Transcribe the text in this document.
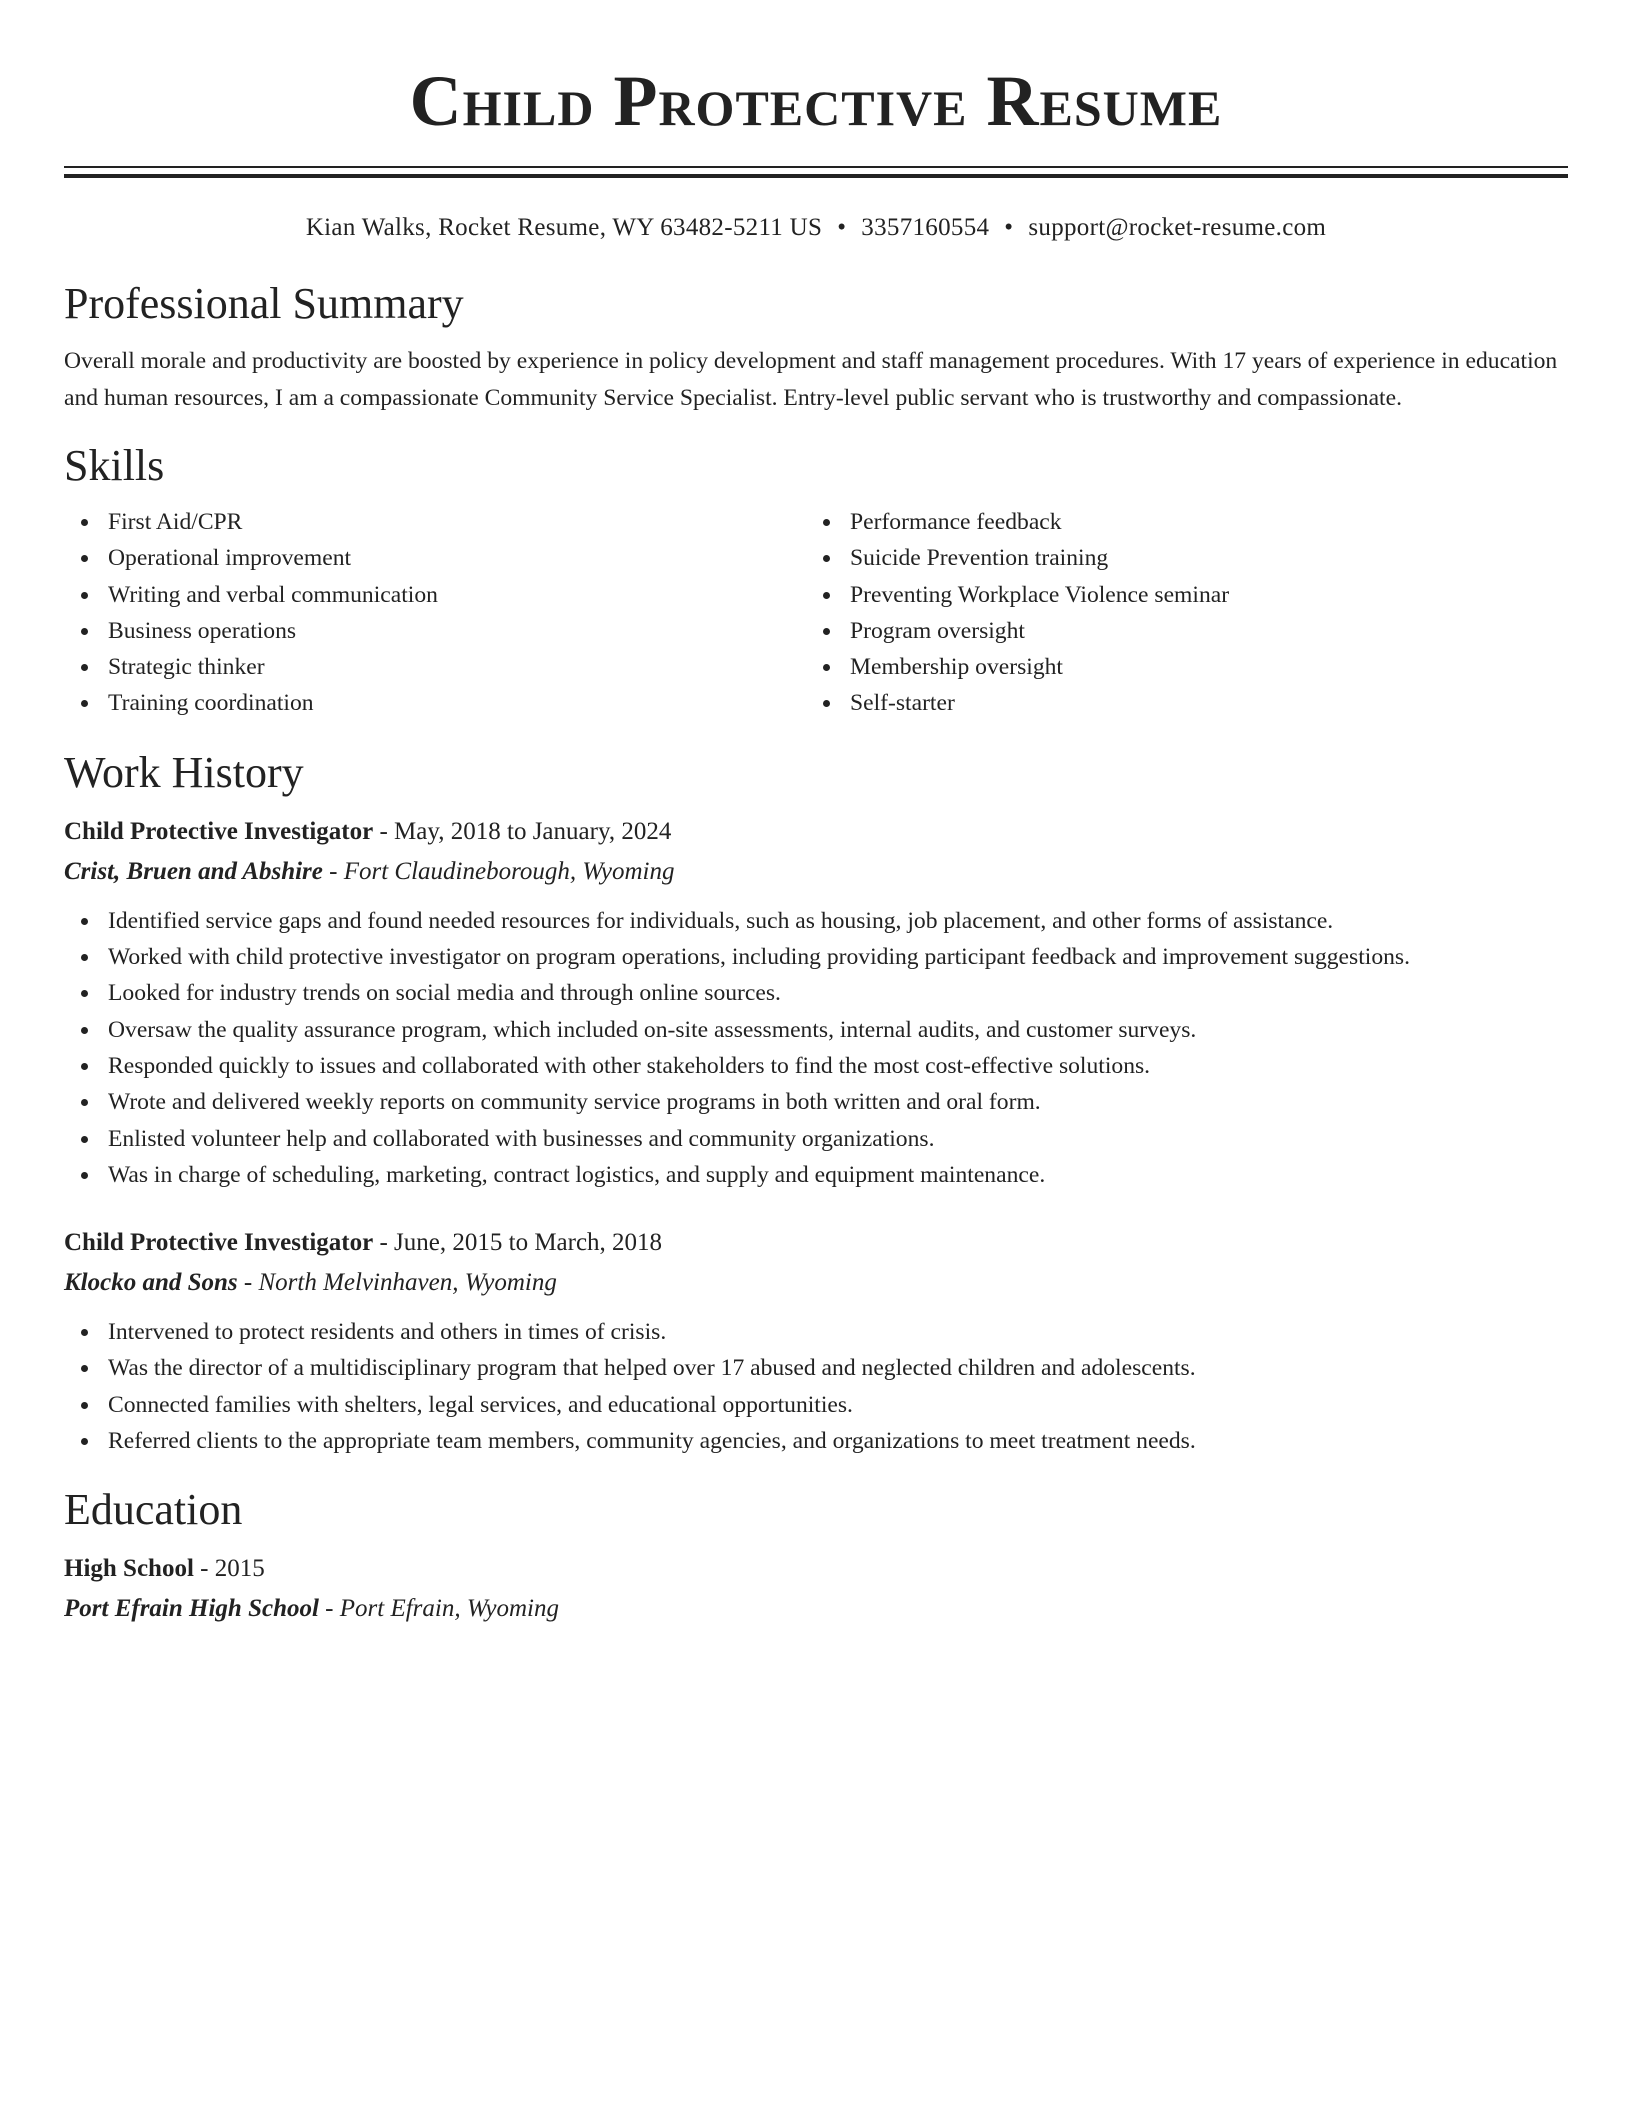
Child Protective Resume
Kian Walks, Rocket Resume, WY 63482-5211 US • 3357160554 • support@rocket-resume.com
Professional Summary

Overall morale and productivity are boosted by experience in policy development and staff management procedures. With 17 years of experience in education and human resources, I am a compassionate Community Service Specialist. Entry-level public servant who is trustworthy and compassionate.

Skills
First Aid/CPR
Operational improvement
Writing and verbal communication
Business operations
Strategic thinker
Training coordination
Performance feedback
Suicide Prevention training
Preventing Workplace Violence seminar
Program oversight
Membership oversight
Self-starter
Work History
Child Protective Investigator - May, 2018 to January, 2024
Crist, Bruen and Abshire - Fort Claudineborough, Wyoming
Identified service gaps and found needed resources for individuals, such as housing, job placement, and other forms of assistance.
Worked with child protective investigator on program operations, including providing participant feedback and improvement suggestions.
Looked for industry trends on social media and through online sources.
Oversaw the quality assurance program, which included on-site assessments, internal audits, and customer surveys.
Responded quickly to issues and collaborated with other stakeholders to find the most cost-effective solutions.
Wrote and delivered weekly reports on community service programs in both written and oral form.
Enlisted volunteer help and collaborated with businesses and community organizations.
Was in charge of scheduling, marketing, contract logistics, and supply and equipment maintenance.
Child Protective Investigator - June, 2015 to March, 2018
Klocko and Sons - North Melvinhaven, Wyoming
Intervened to protect residents and others in times of crisis.
Was the director of a multidisciplinary program that helped over 17 abused and neglected children and adolescents.
Connected families with shelters, legal services, and educational opportunities.
Referred clients to the appropriate team members, community agencies, and organizations to meet treatment needs.
Education
High School - 2015
Port Efrain High School - Port Efrain, Wyoming
